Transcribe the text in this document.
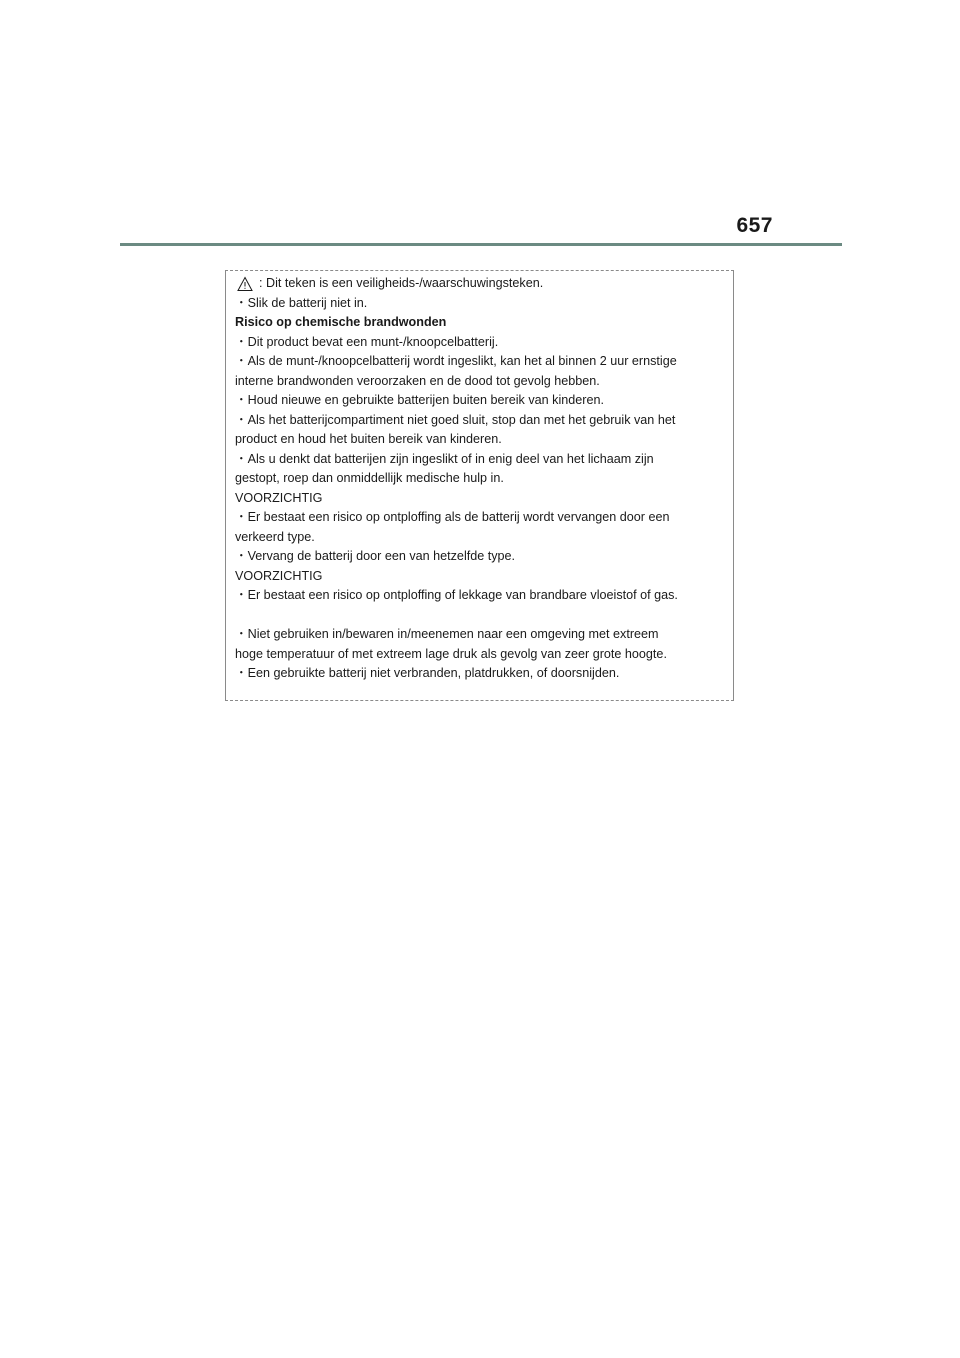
657
: Dit teken is een veiligheids-/waarschuwingsteken.
・Slik de batterij niet in.
Risico op chemische brandwonden
・Dit product bevat een munt-/knoopcelbatterij.
・Als de munt-/knoopcelbatterij wordt ingeslikt, kan het al binnen 2 uur ernstige
interne brandwonden veroorzaken en de dood tot gevolg hebben.
・Houd nieuwe en gebruikte batterijen buiten bereik van kinderen.
・Als het batterijcompartiment niet goed sluit, stop dan met het gebruik van het
product en houd het buiten bereik van kinderen.
・Als u denkt dat batterijen zijn ingeslikt of in enig deel van het lichaam zijn
gestopt, roep dan onmiddellijk medische hulp in.
VOORZICHTIG
・Er bestaat een risico op ontploffing als de batterij wordt vervangen door een
verkeerd type.
・Vervang de batterij door een van hetzelfde type.
VOORZICHTIG
・Er bestaat een risico op ontploffing of lekkage van brandbare vloeistof of gas.
・Niet gebruiken in/bewaren in/meenemen naar een omgeving met extreem
hoge temperatuur of met extreem lage druk als gevolg van zeer grote hoogte.
・Een gebruikte batterij niet verbranden, platdrukken, of doorsnijden.
